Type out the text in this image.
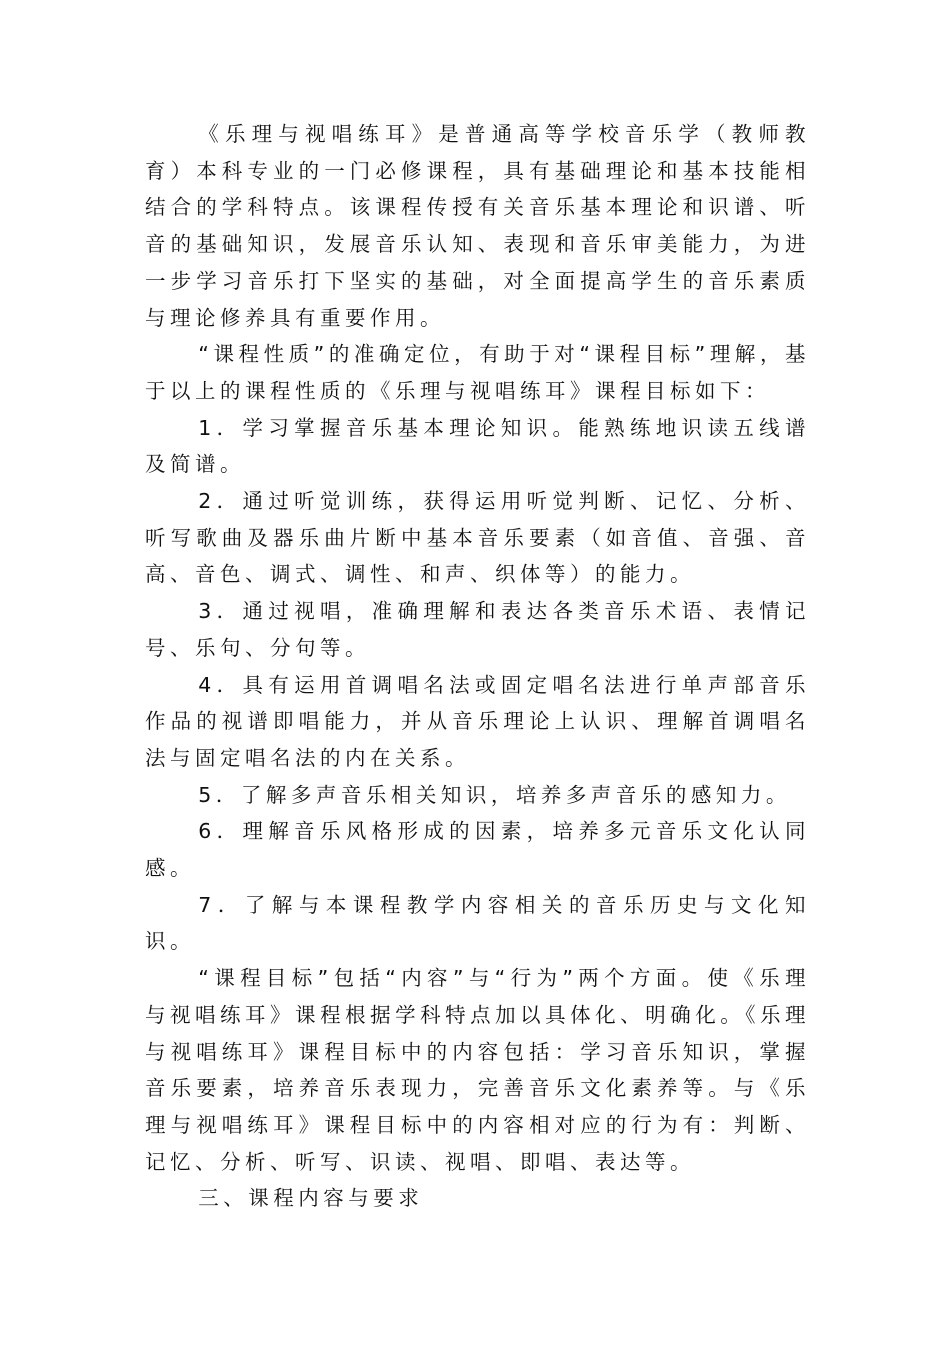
《乐理与视唱练耳》是普通高等学校音乐学（教师教育）本科专业的一门必修课程，具有基础理论和基本技能相结合的学科特点。该课程传授有关音乐基本理论和识谱、听音的基础知识，发展音乐认知、表现和音乐审美能力，为进一步学习音乐打下坚实的基础，对全面提高学生的音乐素质与理论修养具有重要作用。

“课程性质”的准确定位，有助于对“课程目标”理解，基于以上的课程性质的《乐理与视唱练耳》课程目标如下：

1．学习掌握音乐基本理论知识。能熟练地识读五线谱及简谱。

2．通过听觉训练，获得运用听觉判断、记忆、分析、听写歌曲及器乐曲片断中基本音乐要素（如音值、音强、音高、音色、调式、调性、和声、织体等）的能力。

3．通过视唱，准确理解和表达各类音乐术语、表情记号、乐句、分句等。

4．具有运用首调唱名法或固定唱名法进行单声部音乐作品的视谱即唱能力，并从音乐理论上认识、理解首调唱名法与固定唱名法的内在关系。

5．了解多声音乐相关知识，培养多声音乐的感知力。

6．理解音乐风格形成的因素，培养多元音乐文化认同感。

7．了解与本课程教学内容相关的音乐历史与文化知识。

“课程目标”包括“内容”与“行为”两个方面。使《乐理与视唱练耳》课程根据学科特点加以具体化、明确化。《乐理与视唱练耳》课程目标中的内容包括：学习音乐知识，掌握音乐要素，培养音乐表现力，完善音乐文化素养等。与《乐理与视唱练耳》课程目标中的内容相对应的行为有：判断、记忆、分析、听写、识读、视唱、即唱、表达等。

三、课程内容与要求
